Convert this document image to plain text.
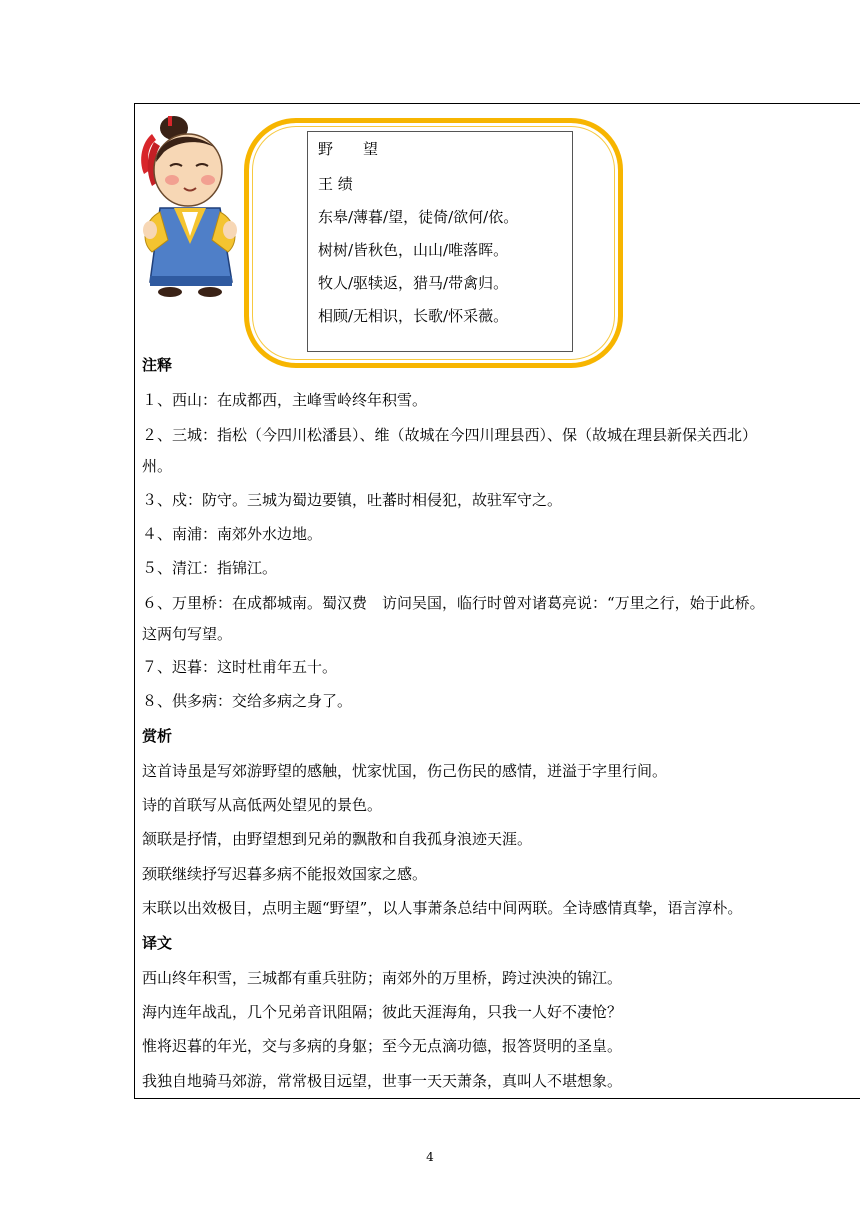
野　　望
王 绩
东皋/薄暮/望，徒倚/欲何/依。
树树/皆秋色，山山/唯落晖。
牧人/驱犊返，猎马/带禽归。
相顾/无相识，长歌/怀采薇。
注释
１、西山：在成都西，主峰雪岭终年积雪。
２、三城：指松（今四川松潘县）、维（故城在今四川理县西）、保（故城在理县新保关西北）
州。
３、戍：防守。三城为蜀边要镇，吐蕃时相侵犯，故驻军守之。
４、南浦：南郊外水边地。
５、清江：指锦江。
６、万里桥：在成都城南。蜀汉费　访问吴国，临行时曾对诸葛亮说：“万里之行，始于此桥。
这两句写望。
７、迟暮：这时杜甫年五十。
８、供多病：交给多病之身了。
赏析
这首诗虽是写郊游野望的感触，忧家忧国，伤己伤民的感情，迸溢于字里行间。
诗的首联写从高低两处望见的景色。
颔联是抒情，由野望想到兄弟的飘散和自我孤身浪迹天涯。
颈联继续抒写迟暮多病不能报效国家之感。
末联以出效极目，点明主题“野望”，以人事萧条总结中间两联。全诗感情真挚，语言淳朴。
译文
西山终年积雪，三城都有重兵驻防；南郊外的万里桥，跨过泱泱的锦江。
海内连年战乱，几个兄弟音讯阻隔；彼此天涯海角，只我一人好不凄怆？
惟将迟暮的年光，交与多病的身躯；至今无点滴功德，报答贤明的圣皇。
我独自地骑马郊游，常常极目远望，世事一天天萧条，真叫人不堪想象。
4
